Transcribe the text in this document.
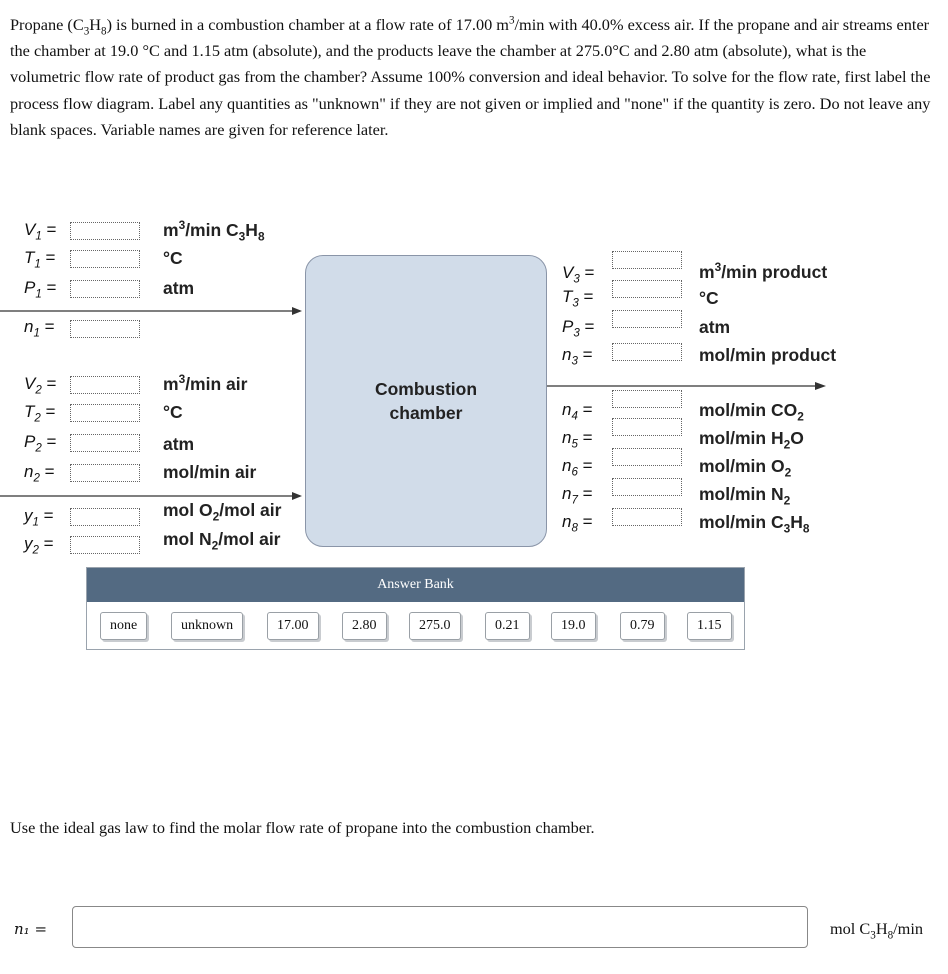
Propane $(C_3H_8)$ is burned in a combustion chamber at a flow rate of 17.00 $m^3/\min$ with 40.0% excess air. If the propane and air streams enter the chamber at 19.0 °C and 1.15 atm (absolute), and the products leave the chamber at 275.0°C and 2.80 atm (absolute), what is the volumetric flow rate of product gas from the chamber? Assume 100% conversion and ideal behavior. To solve for the flow rate, first label the process flow diagram. Label any quantities as "unknown" if they are not given or implied and "none" if the quantity is zero. Do not leave any blank spaces. Variable names are given for reference later.

Combustion
chamber
$V_1$ =	$m^3/\min$ $C_3H_8$
$T_1$ =	°C
$P_1$ =	atm
$n_1$ =
$V_2$ =	$m^3/\min$ air
$T_2$ =	°C
$P_2$ =	atm
$n_2$ =	mol/min air
$y_1$ =	mol $O_2$/mol air
$y_2$ =	mol $N_2$/mol air
$V_3$ =	$m^3/\min$ product
$T_3$ =	°C
$P_3$ =	atm
$n_3$ =	mol/min product
$n_4$ =	mol/min $CO_2$
$n_5$ =	mol/min $H_2O$
$n_6$ =	mol/min $O_2$
$n_7$ =	mol/min $N_2$
$n_8$ =	mol/min $C_3H_8$
Answer Bank
none	unknown	17.00	2.80	275.0	0.21	19.0	0.79	1.15

Use the ideal gas law to find the molar flow rate of propane into the combustion chamber.

n₁ =	mol $C_3H_8/\min$
